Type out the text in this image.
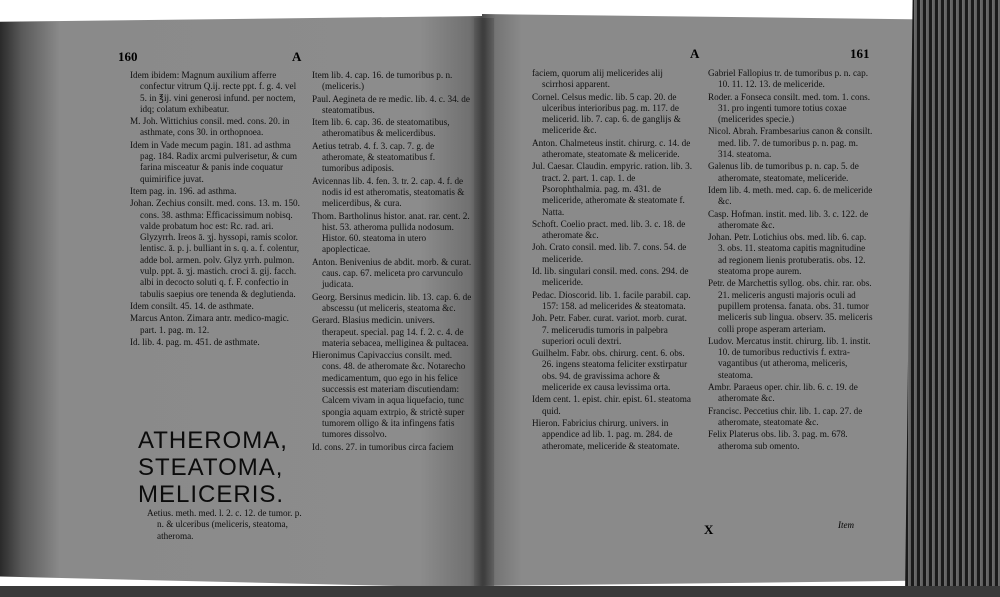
160	A

Idem ibidem: Magnum auxilium afferre confectur vitrum Q.ij. recte ppt. f. g. 4. vel 5. in ℥ij. vini generosi infund. per noctem, idq; colatum exhibeatur.

M. Joh. Wittichius consil. med. cons. 20. in asthmate, cons 30. in orthopnoea.

Idem in Vade mecum pagin. 181. ad asthma pag. 184. Radix arcmi pulverisetur, & cum farina misceatur & panis inde coquatur quimirifice juvat.

Item pag. in. 196. ad asthma.

Johan. Zechius consilt. med. cons. 13. m. 150. cons. 38. asthma: Efficacissimum nobisq. valde probatum hoc est: Rc. rad. ari. Glyzyrrh. Ireos ā. ʒj. hyssopi, ramis scolor. lentisc. ā. p. j. bulliant in s. q. a. f. colentur, adde bol. armen. polv. Glyz yrrh. pulmon. vulp. ppt. ā. ʒj. mastich. croci ā. gij. facch. albi in decocto soluti q. f. F. confectio in tabulis saepius ore tenenda & deglutienda.

Idem consilt. 45. 14. de asthmate.

Marcus Anton. Zimara antr. medico-magic. part. 1. pag. m. 12.

Id. lib. 4. pag. m. 451. de asthmate.

ATHEROMA,
STEATOMA,
MELICERIS.

Aetius. meth. med. l. 2. c. 12. de tumor. p. n. & ulceribus (meliceris, steatoma, atheroma.

Item lib. 4. cap. 16. de tumoribus p. n. (meliceris.)

Paul. Aegineta de re medic. lib. 4. c. 34. de steatomatibus.

Item lib. 6. cap. 36. de steatomatibus, atheromatibus & melicerdibus.

Aetius tetrab. 4. f. 3. cap. 7. g. de atheromate, & steatomatibus f. tumoribus adiposis.

Avicennas lib. 4. fen. 3. tr. 2. cap. 4. f. de nodis id est atheromatis, steatomatis & melicerdibus, & cura.

Thom. Bartholinus histor. anat. rar. cent. 2. hist. 53. atheroma pullida nodosum. Histor. 60. steatoma in utero apoplecticae.

Anton. Benivenius de abdit. morb. & curat. caus. cap. 67. meliceta pro carvunculo judicata.

Georg. Bersinus medicin. lib. 13. cap. 6. de abscessu (ut meliceris, steatoma &c.

Gerard. Blasius medicin. univers. therapeut. special. pag 14. f. 2. c. 4. de materia sebacea, melliginea & pultacea.

Hieronimus Capivaccius consilt. med. cons. 48. de atheromate &c. Notarecho medicamentum, quo ego in his felice successis est materiam discutiendam: Calcem vivam in aqua liquefacio, tunc spongia aquam extrpio, & strictè super tumorem olligo & ita infingens fatis tumores dissolvo.

Id. cons. 27. in tumoribus circa faciem

A	161

faciem, quorum alij melicerides alij scirrhosi apparent.

Cornel. Celsus medic. lib. 5 cap. 20. de ulceribus interioribus pag. m. 117. de melicerid. lib. 7. cap. 6. de ganglijs & meliceride &c.

Anton. Chalmeteus instit. chirurg. c. 14. de atheromate, steatomate & meliceride.

Jul. Caesar. Claudin. empyric. ration. lib. 3. tract. 2. part. 1. cap. 1. de Psorophthalmia. pag. m. 431. de meliceride, atheromate & steatomate f. Natta.

Schoft. Coelio pract. med. lib. 3. c. 18. de atheromate &c.

Joh. Crato consil. med. lib. 7. cons. 54. de meliceride.

Id. lib. singulari consil. med. cons. 294. de meliceride.

Pedac. Dioscorid. lib. 1. facile parabil. cap. 157: 158. ad melicerides & steatomata.

Joh. Petr. Faber. curat. variot. morb. curat. 7. melicerudis tumoris in palpebra superiori oculi dextri.

Guilhelm. Fabr. obs. chirurg. cent. 6. obs. 26. ingens steatoma feliciter exstirpatur obs. 94. de gravissima achore & meliceride ex causa levissima orta.

Idem cent. 1. epist. chir. epist. 61. steatoma quid.

Hieron. Fabricius chirurg. univers. in appendice ad lib. 1. pag. m. 284. de atheromate, meliceride & steatomate.

Gabriel Fallopius tr. de tumoribus p. n. cap. 10. 11. 12. 13. de meliceride.

Roder. a Fonseca consilt. med. tom. 1. cons. 31. pro ingenti tumore totius coxae (melicerides specie.)

Nicol. Abrah. Frambesarius canon & consilt. med. lib. 7. de tumoribus p. n. pag. m. 314. steatoma.

Galenus lib. de tumoribus p. n. cap. 5. de atheromate, steatomate, meliceride.

Idem lib. 4. meth. med. cap. 6. de meliceride &c.

Casp. Hofman. instit. med. lib. 3. c. 122. de atheromate &c.

Johan. Petr. Lotichius obs. med. lib. 6. cap. 3. obs. 11. steatoma capitis magnitudine ad regionem lienis protuberatis. obs. 12. steatoma prope aurem.

Petr. de Marchettis syllog. obs. chir. rar. obs. 21. meliceris angusti majoris oculi ad pupillem protensa. fanata. obs. 31. tumor meliceris sub lingua. observ. 35. meliceris colli prope asperam arteriam.

Ludov. Mercatus instit. chirurg. lib. 1. instit. 10. de tumoribus reductivis f. extra-vagantibus (ut atheroma, meliceris, steatoma.

Ambr. Paraeus oper. chir. lib. 6. c. 19. de atheromate &c.

Francisc. Peccetius chir. lib. 1. cap. 27. de atheromate, steatomate &c.

Felix Platerus obs. lib. 3. pag. m. 678. atheroma sub omento.

X	Item
